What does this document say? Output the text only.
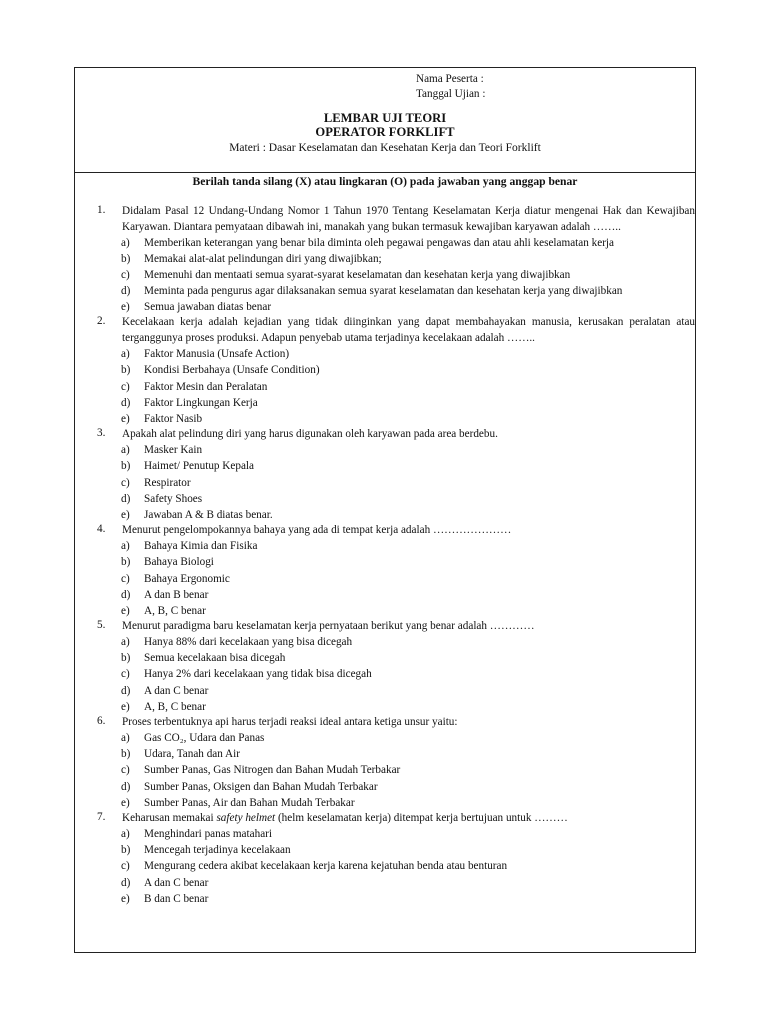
Nama Peserta :
Tanggal Ujian :
LEMBAR UJI TEORI
OPERATOR FORKLIFT
Materi : Dasar Keselamatan dan Kesehatan Kerja dan Teori Forklift
Berilah tanda silang (X) atau lingkaran (O) pada jawaban yang anggap benar
1. Didalam Pasal 12 Undang-Undang Nomor 1 Tahun 1970 Tentang Keselamatan Kerja diatur mengenai Hak dan Kewajiban Karyawan. Diantara pemyataan dibawah ini, manakah yang bukan termasuk kewajiban karyawan adalah ……..
a) Memberikan keterangan yang benar bila diminta oleh pegawai pengawas dan atau ahli keselamatan kerja
b) Memakai alat-alat pelindungan diri yang diwajibkan;
c) Memenuhi dan mentaati semua syarat-syarat keselamatan dan kesehatan kerja yang diwajibkan
d) Meminta pada pengurus agar dilaksanakan semua syarat keselamatan dan kesehatan kerja yang diwajibkan
e) Semua jawaban diatas benar
2. Kecelakaan kerja adalah kejadian yang tidak diinginkan yang dapat membahayakan manusia, kerusakan peralatan atau terganggunya proses produksi. Adapun penyebab utama terjadinya kecelakaan adalah ……..
a) Faktor Manusia (Unsafe Action)
b) Kondisi Berbahaya (Unsafe Condition)
c) Faktor Mesin dan Peralatan
d) Faktor Lingkungan Kerja
e) Faktor Nasib
3. Apakah alat pelindung diri yang harus digunakan oleh karyawan pada area berdebu.
a) Masker Kain
b) Haimet/ Penutup Kepala
c) Respirator
d) Safety Shoes
e) Jawaban A & B diatas benar.
4. Menurut pengelompokannya bahaya yang ada di tempat kerja adalah …………………
a) Bahaya Kimia dan Fisika
b) Bahaya Biologi
c) Bahaya Ergonomic
d) A dan B benar
e) A, B, C benar
5. Menurut paradigma baru keselamatan kerja pernyataan berikut yang benar adalah …………
a) Hanya 88% dari kecelakaan yang bisa dicegah
b) Semua kecelakaan bisa dicegah
c) Hanya 2% dari kecelakaan yang tidak bisa dicegah
d) A dan C benar
e) A, B, C benar
6. Proses terbentuknya api harus terjadi reaksi ideal antara ketiga unsur yaitu:
a) Gas CO₂, Udara dan Panas
b) Udara, Tanah dan Air
c) Sumber Panas, Gas Nitrogen dan Bahan Mudah Terbakar
d) Sumber Panas, Oksigen dan Bahan Mudah Terbakar
e) Sumber Panas, Air dan Bahan Mudah Terbakar
7. Keharusan memakai safety helmet (helm keselamatan kerja) ditempat kerja bertujuan untuk ………
a) Menghindari panas matahari
b) Mencegah terjadinya kecelakaan
c) Mengurang cedera akibat kecelakaan kerja karena kejatuhan benda atau benturan
d) A dan C benar
e) B dan C benar
